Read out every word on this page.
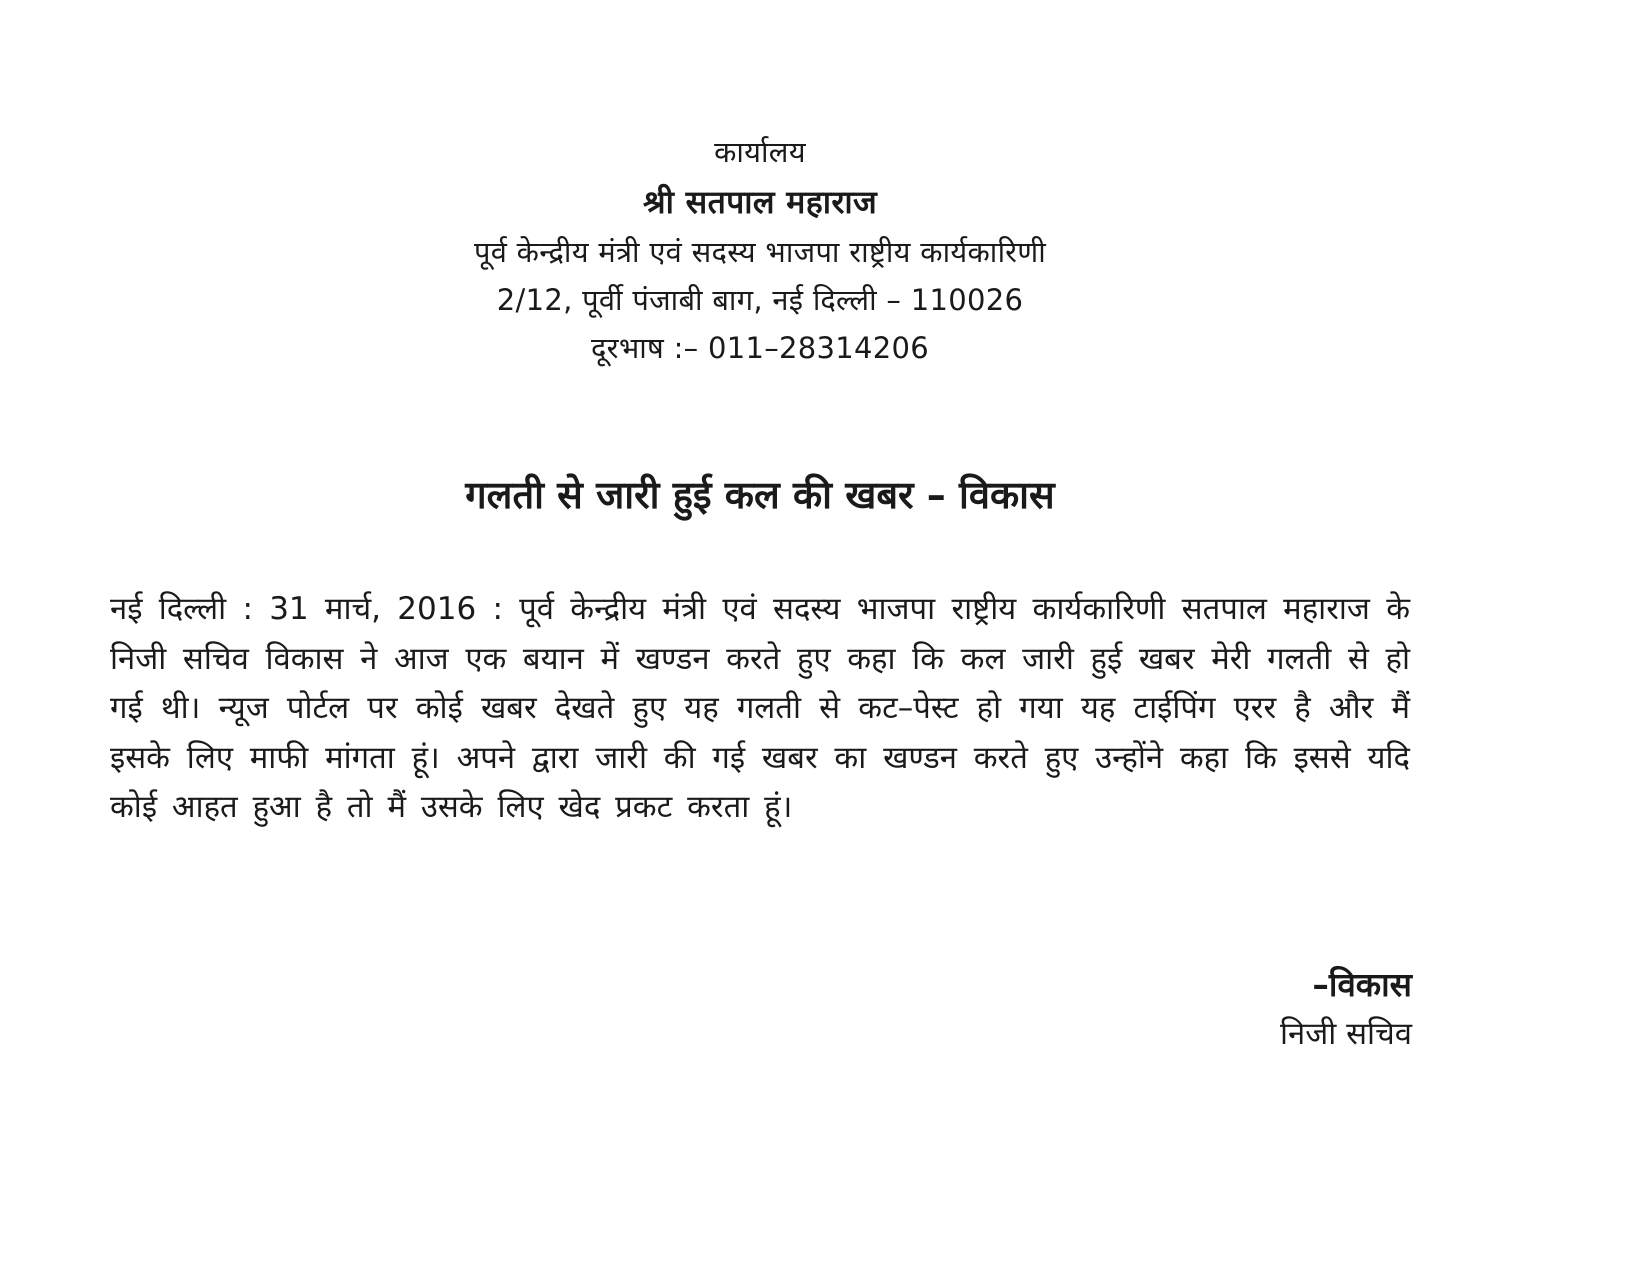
कार्यालय
श्री सतपाल महाराज
पूर्व केन्द्रीय मंत्री एवं सदस्य भाजपा राष्ट्रीय कार्यकारिणी
2/12, पूर्वी पंजाबी बाग, नई दिल्ली – 110026
दूरभाष :– 011–28314206
गलती से जारी हुई कल की खबर – विकास
नई दिल्ली : 31 मार्च, 2016 : पूर्व केन्द्रीय मंत्री एवं सदस्य भाजपा राष्ट्रीय कार्यकारिणी सतपाल महाराज के निजी सचिव विकास ने आज एक बयान में खण्डन करते हुए कहा कि कल जारी हुई खबर मेरी गलती से हो गई थी। न्यूज पोर्टल पर कोई खबर देखते हुए यह गलती से कट–पेस्ट हो गया यह टाईपिंग एरर है और मैं इसके लिए माफी मांगता हूं। अपने द्वारा जारी की गई खबर का खण्डन करते हुए उन्होंने कहा कि इससे यदि कोई आहत हुआ है तो मैं उसके लिए खेद प्रकट करता हूं।
–विकास
निजी सचिव
